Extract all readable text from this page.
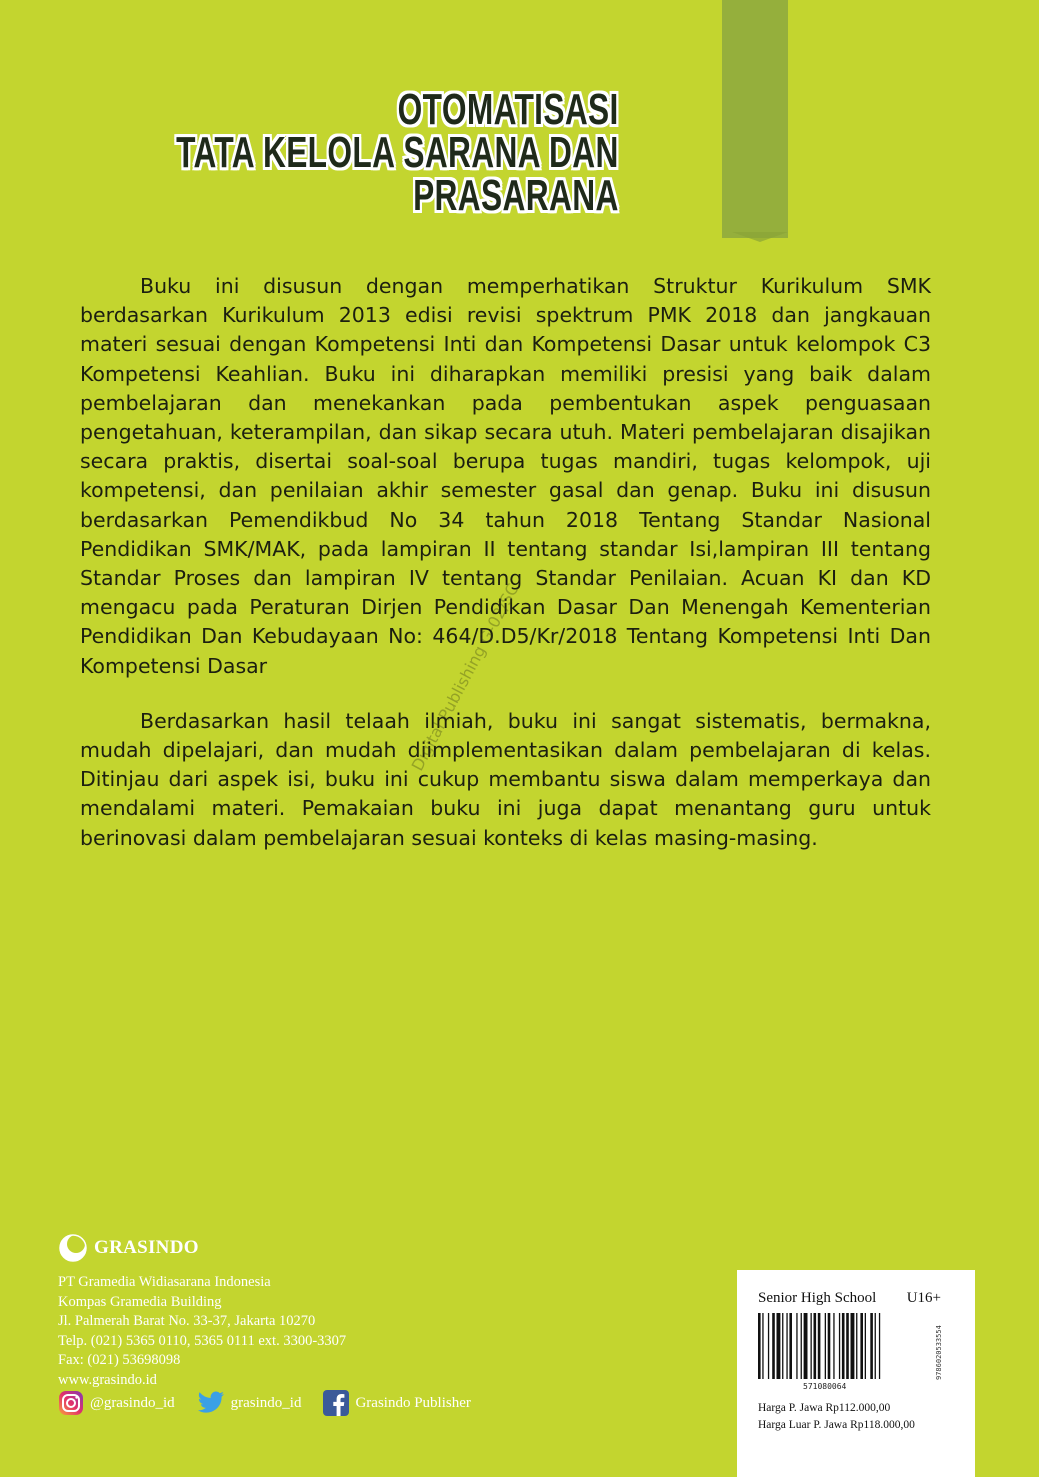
OTOMATISASI
TATA KELOLA SARANA DAN
PRASARANA

Buku ini disusun dengan memperhatikan Struktur Kurikulum SMK berdasarkan Kurikulum 2013 edisi revisi spektrum PMK 2018 dan jangkauan materi sesuai dengan Kompetensi Inti dan Kompetensi Dasar untuk kelompok C3 Kompetensi Keahlian. Buku ini diharapkan memiliki presisi yang baik dalam pembelajaran dan menekankan pada pembentukan aspek penguasaan pengetahuan, keterampilan, dan sikap secara utuh. Materi pembelajaran disajikan secara praktis, disertai soal-soal berupa tugas mandiri, tugas kelompok, uji kompetensi, dan penilaian akhir semester gasal dan genap. Buku ini disusun berdasarkan Pemendikbud No 34 tahun 2018 Tentang Standar Nasional Pendidikan SMK/MAK, pada lampiran II tentang standar Isi,lampiran III tentang Standar Proses dan lampiran IV tentang Standar Penilaian. Acuan KI dan KD mengacu pada Peraturan Dirjen Pendidikan Dasar Dan Menengah Kementerian Pendidikan Dan Kebudayaan No: 464/D.D5/Kr/2018 Tentang Kompetensi Inti Dan Kompetensi Dasar

Berdasarkan hasil telaah ilmiah, buku ini sangat sistematis, bermakna, mudah dipelajari, dan mudah diimplementasikan dalam pembelajaran di kelas. Ditinjau dari aspek isi, buku ini cukup membantu siswa dalam memperkaya dan mendalami materi. Pemakaian buku ini juga dapat menantang guru untuk berinovasi dalam pembelajaran sesuai konteks di kelas masing-masing.

Digital Publishing G-02/SC
GRASINDO
PT Gramedia Widiasarana Indonesia
Kompas Gramedia Building
Jl. Palmerah Barat No. 33-37, Jakarta 10270
Telp. (021) 5365 0110, 5365 0111 ext. 3300-3307
Fax: (021) 53698098
www.grasindo.id
@grasindo_id	grasindo_id	Grasindo Publisher
Senior High School U16+
571080064
9786020533554
Harga P. Jawa Rp112.000,00
Harga Luar P. Jawa Rp118.000,00
